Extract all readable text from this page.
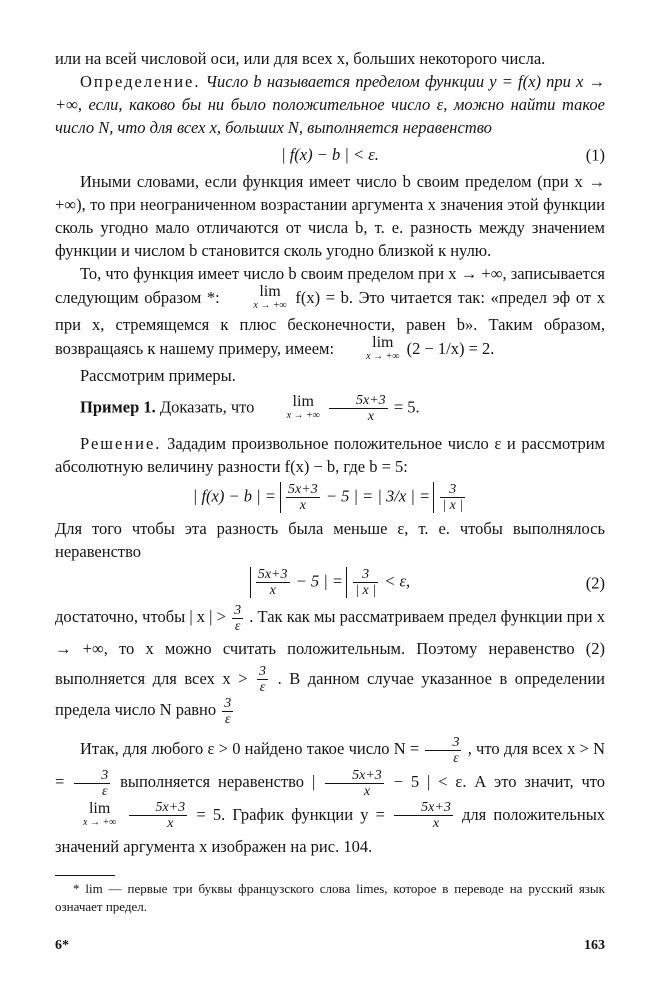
или на всей числовой оси, или для всех x, больших некоторого числа.

Определение. Число b называется пределом функции y = f(x) при x → +∞, если, каково бы ни было положительное число ε, можно найти такое число N, что для всех x, больших N, выполняется неравенство

| f(x) − b | < ε.	(1)

Иными словами, если функция имеет число b своим пределом (при x → +∞), то при неограниченном возрастании аргумента x значения этой функции сколь угодно мало отличаются от числа b, т. е. разность между значением функции и числом b становится сколь угодно близкой к нулю.

То, что функция имеет число b своим пределом при x → +∞, записывается следующим образом *:	lim
x → +∞ f(x) = b. Это читается так: «предел эф от x при x, стремящемся к плюс бесконечности, равен b». Таким образом, возвращаясь к нашему примеру, имеем:	lim
x → +∞ (2 − 1/x) = 2.

Рассмотрим примеры.

Пример 1. Доказать, что	lim
x → +∞
$\frac{5x+3}{x} = 5$.

Решение. Зададим произвольное положительное число ε и рассмотрим абсолютную величину разности f(x) − b, где b = 5:

| f(x) − b | = $\frac{5x+3}{x} - 5$ | = | 3/x | = $\frac{3}{| x |}$

Для того чтобы эта разность была меньше ε, т. е. чтобы выполнялось неравенство

$\frac{5x+3}{x} - 5$ | = $\frac{3}{| x |} < \varepsilon$,	(2)

достаточно, чтобы | x | > $\frac{3}{\varepsilon}$ . Так как мы рассматриваем предел функции при x → +∞, то x можно считать положительным. Поэтому неравенство (2) выполняется для всех $x > \frac{3}{\varepsilon}$ . В данном случае указанное в определении предела число N равно $\frac{3}{\varepsilon}$

Итак, для любого ε > 0 найдено такое число $N = \frac{3}{\varepsilon}$ , что для всех $x > N = \frac{3}{\varepsilon}$ выполняется неравенство | $\frac{5x+3}{x} - 5$ | < ε. А это значит, что
lim
x → +∞
$\frac{5x+3}{x} = 5$. График функции $y = \frac{5x+3}{x}$ для положительных значений аргумента x изображен на рис. 104.

* lim — первые три буквы французского слова limes, которое в переводе на русский язык означает предел.

6*	163
